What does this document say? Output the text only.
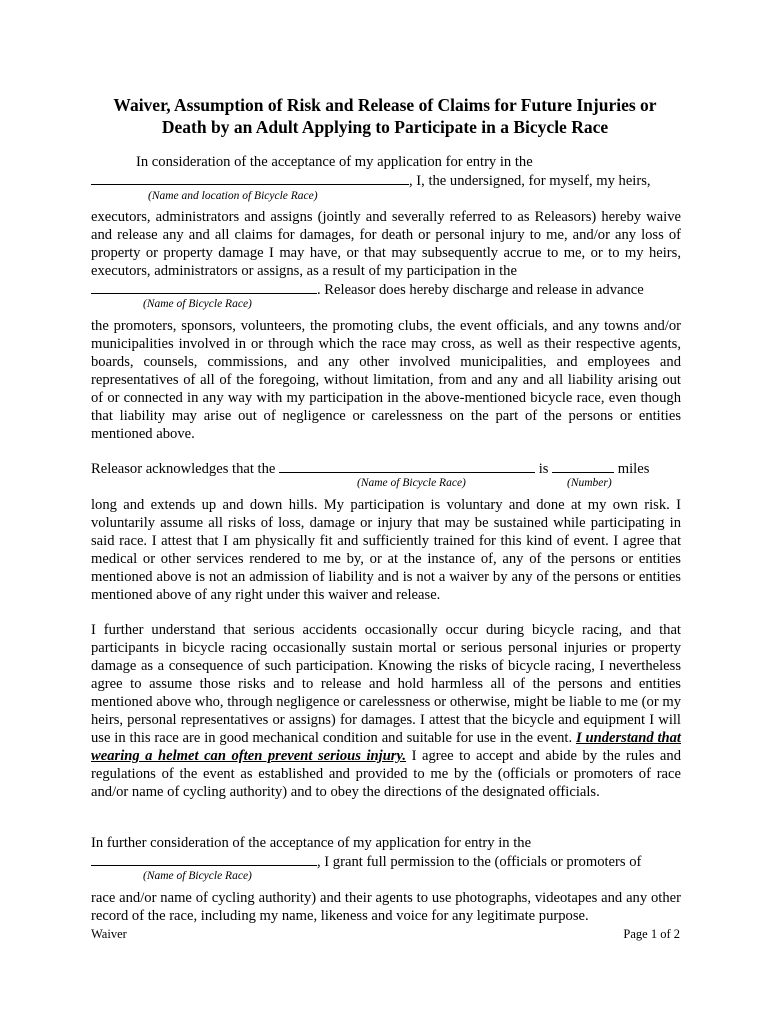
Waiver, Assumption of Risk and Release of Claims for Future Injuries or
Death by an Adult Applying to Participate in a Bicycle Race
In consideration of the acceptance of my application for entry in the
, I, the undersigned, for myself, my heirs,
(Name and location of Bicycle Race)

executors, administrators and assigns (jointly and severally referred to as Releasors) hereby waive and release any and all claims for damages, for death or personal injury to me, and/or any loss of property or property damage I may have, or that may subsequently accrue to me, or to my heirs, executors, administrators or assigns, as a result of my participation in the

. Releasor does hereby discharge and release in advance
(Name of Bicycle Race)

the promoters, sponsors, volunteers, the promoting clubs, the event officials, and any towns and/or municipalities involved in or through which the race may cross, as well as their respective agents, boards, counsels, commissions, and any other involved municipalities, and employees and representatives of all of the foregoing, without limitation, from and any and all liability arising out of or connected in any way with my participation in the above-mentioned bicycle race, even though that liability may arise out of negligence or carelessness on the part of the persons or entities mentioned above.

Releasor acknowledges that the	is	miles
(Name of Bicycle Race)	(Number)

long and extends up and down hills. My participation is voluntary and done at my own risk. I voluntarily assume all risks of loss, damage or injury that may be sustained while participating in said race. I attest that I am physically fit and sufficiently trained for this kind of event. I agree that medical or other services rendered to me by, or at the instance of, any of the persons or entities mentioned above is not an admission of liability and is not a waiver by any of the persons or entities mentioned above of any right under this waiver and release.

I further understand that serious accidents occasionally occur during bicycle racing, and that participants in bicycle racing occasionally sustain mortal or serious personal injuries or property damage as a consequence of such participation. Knowing the risks of bicycle racing, I nevertheless agree to assume those risks and to release and hold harmless all of the persons and entities mentioned above who, through negligence or carelessness or otherwise, might be liable to me (or my heirs, personal representatives or assigns) for damages. I attest that the bicycle and equipment I will use in this race are in good mechanical condition and suitable for use in the event. I understand that wearing a helmet can often prevent serious injury. I agree to accept and abide by the rules and regulations of the event as established and provided to me by the (officials or promoters of race and/or name of cycling authority) and to obey the directions of the designated officials.

In further consideration of the acceptance of my application for entry in the
, I grant full permission to the (officials or promoters of
(Name of Bicycle Race)

race and/or name of cycling authority) and their agents to use photographs, videotapes and any other record of the race, including my name, likeness and voice for any legitimate purpose.

Waiver	Page 1 of 2
